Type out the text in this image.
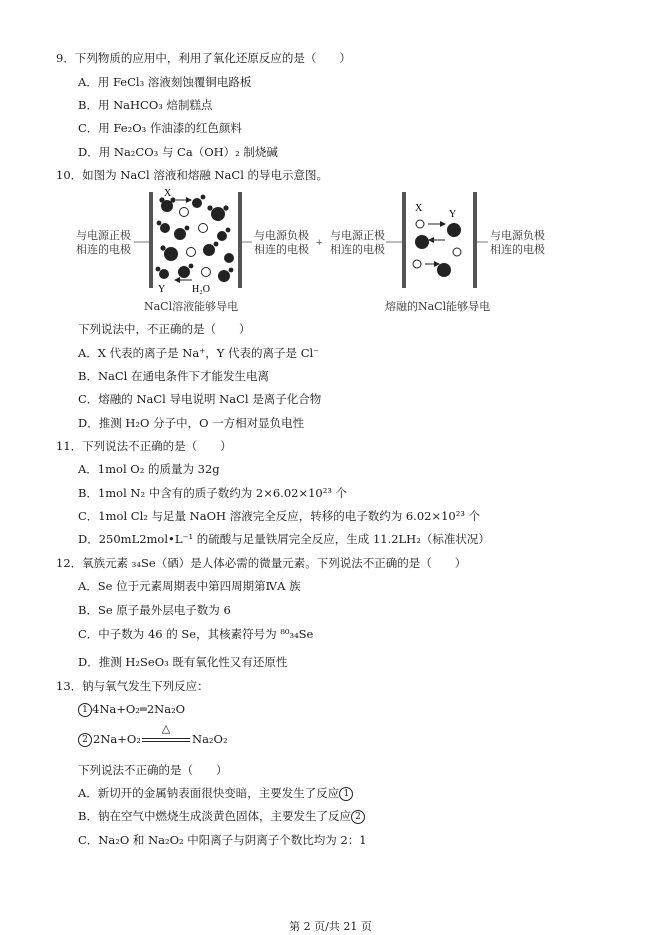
9．下列物质的应用中，利用了氧化还原反应的是（　　）
A．用 FeCl₃ 溶液刻蚀覆铜电路板
B．用 NaHCO₃ 焙制糕点
C．用 Fe₂O₃ 作油漆的红色颜料
D．用 Na₂CO₃ 与 Ca（OH）₂ 制烧碱
10．如图为 NaCl 溶液和熔融 NaCl 的导电示意图。
与电源正极
相连的电极
与电源负极
相连的电极
与电源正极
相连的电极
与电源负极
相连的电极
X
Y	H₂O
+
X
Y
NaCl溶液能够导电	熔融的NaCl能够导电
下列说法中，不正确的是（　　）
A．X 代表的离子是 Na⁺，Y 代表的离子是 Cl⁻
B．NaCl 在通电条件下才能发生电离
C．熔融的 NaCl 导电说明 NaCl 是离子化合物
D．推测 H₂O 分子中，O 一方相对显负电性
11．下列说法不正确的是（　　）
A．1mol O₂ 的质量为 32g
B．1mol N₂ 中含有的质子数约为 2×6.02×10²³ 个
C．1mol Cl₂ 与足量 NaOH 溶液完全反应，转移的电子数约为 6.02×10²³ 个
D．250mL2mol•L⁻¹ 的硫酸与足量铁屑完全反应，生成 11.2LH₂（标准状况）
12．氧族元素 ₃₄Se（硒）是人体必需的微量元素。下列说法不正确的是（　　）
A．Se 位于元素周期表中第四周期第ⅣA 族
B．Se 原子最外层电子数为 6
C．中子数为 46 的 Se，其核素符号为 ⁸⁰₃₄Se
D．推测 H₂SeO₃ 既有氧化性又有还原性
13．钠与氧气发生下列反应：
1 4Na+O₂═2Na₂O
2 2Na+O₂
△
Na₂O₂
下列说法不正确的是（　　）
A．新切开的金属钠表面很快变暗，主要发生了反应 1
B．钠在空气中燃烧生成淡黄色固体，主要发生了反应 2
C．Na₂O 和 Na₂O₂ 中阳离子与阴离子个数比均为 2：1
第 2 页/共 21 页
